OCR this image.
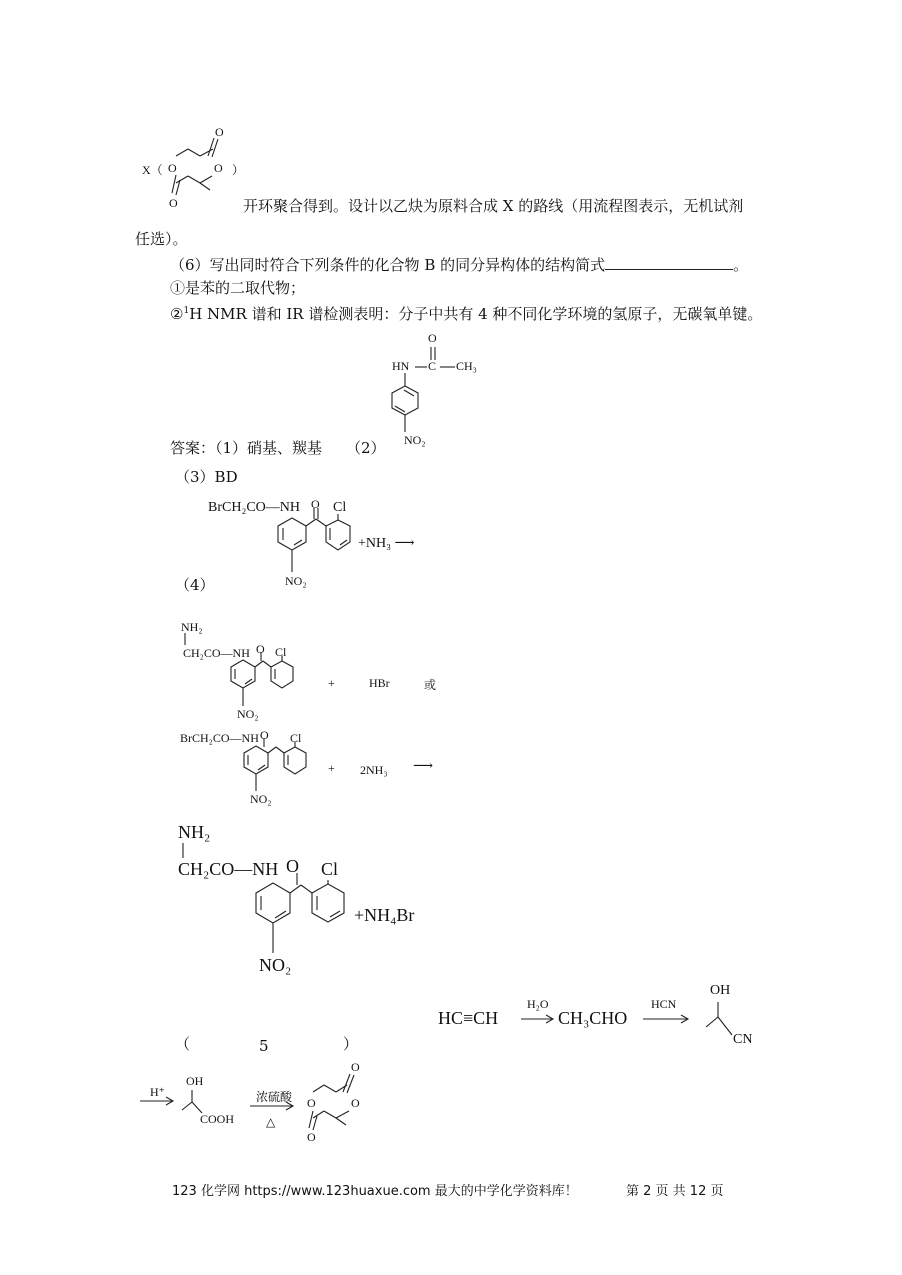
X（	）
O
O	O
O	开环聚合得到。设计以乙炔为原料合成 X 的路线（用流程图表示，无机试剂
任选）。
（6）写出同时符合下列条件的化合物 B 的同分异构体的结构简式	。
①是苯的二取代物；
②$^1$H NMR 谱和 IR 谱检测表明：分子中共有 4 种不同化学环境的氢原子，无碳氧单键。
答案：（1）硝基、羰基 （2）
O
HN C CH₃
NO₂
（3）BD
BrCH₂CO—NH O Cl
+NH₃ ⟶
NO₂
（4）
NH₂
CH₂CO—NH O Cl
+	HBr	或
NO₂
BrCH₂CO—NH O Cl
+ 2NH₃ ⟶
NO₂
NH₂
CH₂CO—NH O Cl
+NH₄Br
NO₂
HC≡CH
H₂O
CH₃CHO
HCN
OH
CN
（	5	）
H⁺
OH
COOH
浓硫酸
△
O
O	O
O
123 化学网 https://www.123huaxue.com 最大的中学化学资料库！	第 2 页 共 12 页
